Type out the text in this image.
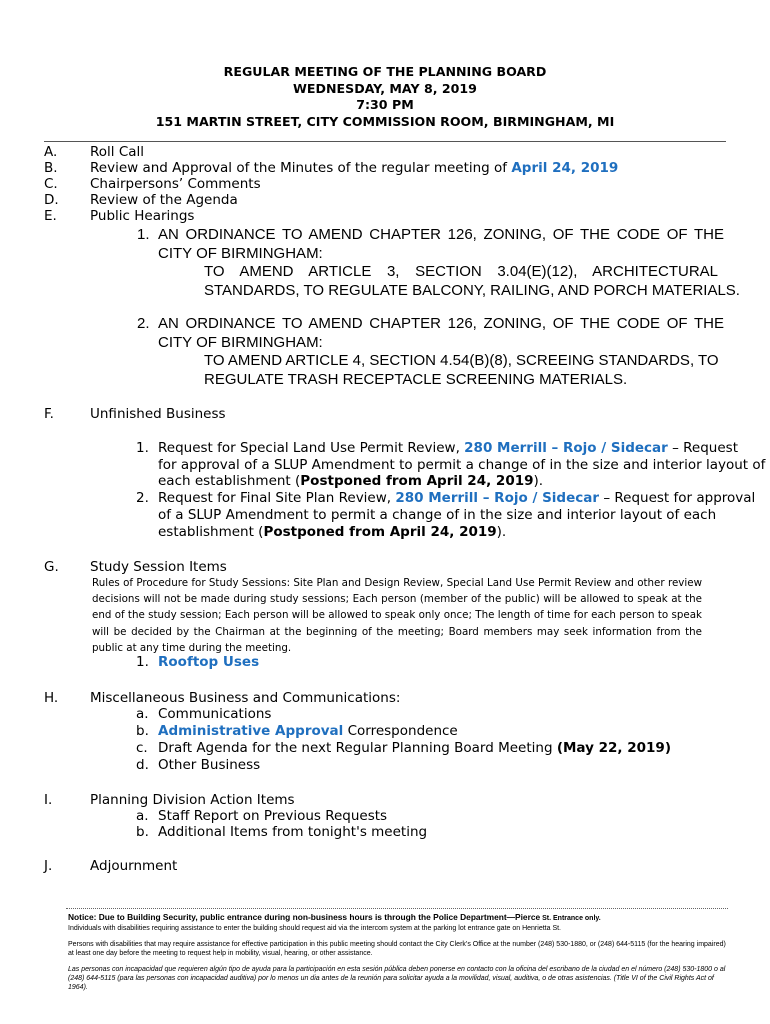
REGULAR MEETING OF THE PLANNING BOARD
WEDNESDAY, MAY 8, 2019
7:30 PM
151 MARTIN STREET, CITY COMMISSION ROOM, BIRMINGHAM, MI
A. Roll Call
B. Review and Approval of the Minutes of the regular meeting of April 24, 2019
C. Chairpersons’ Comments
D. Review of the Agenda
E. Public Hearings
1. AN ORDINANCE TO AMEND CHAPTER 126, ZONING, OF THE CODE OF THE
CITY OF BIRMINGHAM:
TO AMEND ARTICLE 3, SECTION 3.04(E)(12), ARCHITECTURAL
STANDARDS, TO REGULATE BALCONY, RAILING, AND PORCH MATERIALS.
2. AN ORDINANCE TO AMEND CHAPTER 126, ZONING, OF THE CODE OF THE
CITY OF BIRMINGHAM:
TO AMEND ARTICLE 4, SECTION 4.54(B)(8), SCREEING STANDARDS, TO
REGULATE TRASH RECEPTACLE SCREENING MATERIALS.
F.	Unfinished Business
1. Request for Special Land Use Permit Review, 280 Merrill – Rojo / Sidecar – Request
for approval of a SLUP Amendment to permit a change of in the size and interior layout of
each establishment (Postponed from April 24, 2019).
2. Request for Final Site Plan Review, 280 Merrill – Rojo / Sidecar – Request for approval
of a SLUP Amendment to permit a change of in the size and interior layout of each
establishment (Postponed from April 24, 2019).
G. Study Session Items
Rules of Procedure for Study Sessions: Site Plan and Design Review, Special Land Use Permit Review and other review decisions will not be made during study sessions; Each person (member of the public) will be allowed to speak at the end of the study session; Each person will be allowed to speak only once; The length of time for each person to speak will be decided by the Chairman at the beginning of the meeting; Board members may seek information from the public at any time during the meeting.
1. Rooftop Uses
H. Miscellaneous Business and Communications:
a. Communications
b. Administrative Approval Correspondence
c. Draft Agenda for the next Regular Planning Board Meeting (May 22, 2019)
d. Other Business
I.	Planning Division Action Items
a. Staff Report on Previous Requests
b. Additional Items from tonight's meeting
J.	Adjournment

Notice: Due to Building Security, public entrance during non-business hours is through the Police Department—Pierce St. Entrance only.

Individuals with disabilities requiring assistance to enter the building should request aid via the intercom system at the parking lot entrance gate on Henrietta St.

Persons with disabilities that may require assistance for effective participation in this public meeting should contact the City Clerk’s Office at the number (248) 530-1880, or (248) 644-5115 (for the hearing impaired) at least one day before the meeting to request help in mobility, visual, hearing, or other assistance.

Las personas con incapacidad que requieren algún tipo de ayuda para la participación en esta sesión pública deben ponerse en contacto con la oficina del escribano de la ciudad en el número (248) 530-1800 o al (248) 644-5115 (para las personas con incapacidad auditiva) por lo menos un dia antes de la reunión para solicitar ayuda a la movilidad, visual, auditiva, o de otras asistencias. (Title VI of the Civil Rights Act of 1964).
